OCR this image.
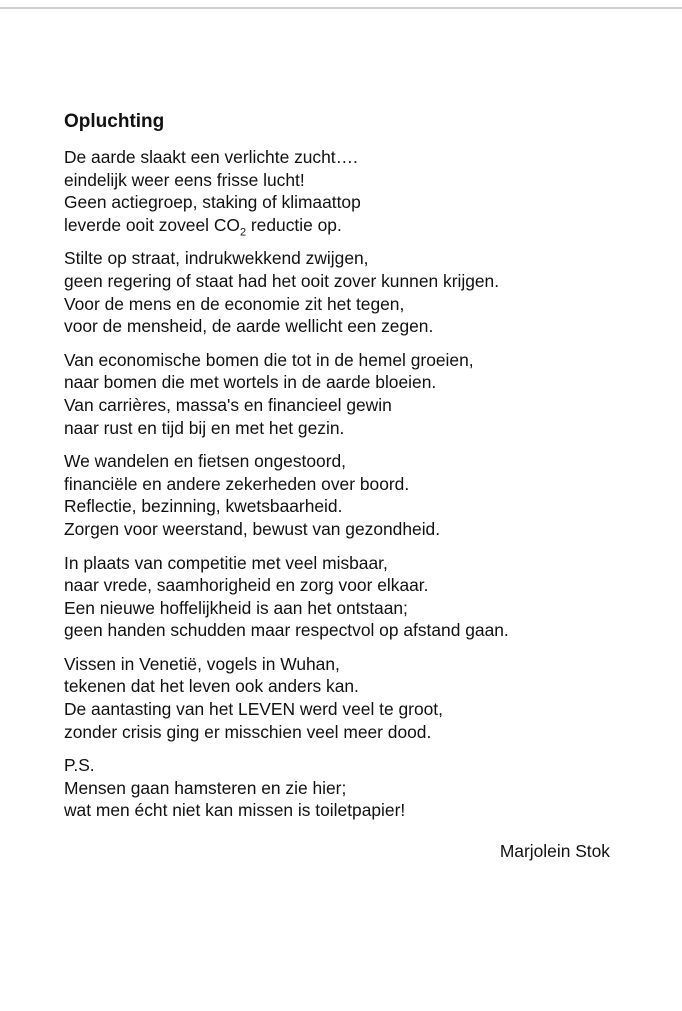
Opluchting
De aarde slaakt een verlichte zucht….
eindelijk weer eens frisse lucht!
Geen actiegroep, staking of klimaattop
leverde ooit zoveel $CO_2$ reductie op.
Stilte op straat, indrukwekkend zwijgen,
geen regering of staat had het ooit zover kunnen krijgen.
Voor de mens en de economie zit het tegen,
voor de mensheid, de aarde wellicht een zegen.
Van economische bomen die tot in de hemel groeien,
naar bomen die met wortels in de aarde bloeien.
Van carrières, massa's en financieel gewin
naar rust en tijd bij en met het gezin.
We wandelen en fietsen ongestoord,
financiële en andere zekerheden over boord.
Reflectie, bezinning, kwetsbaarheid.
Zorgen voor weerstand, bewust van gezondheid.
In plaats van competitie met veel misbaar,
naar vrede, saamhorigheid en zorg voor elkaar.
Een nieuwe hoffelijkheid is aan het ontstaan;
geen handen schudden maar respectvol op afstand gaan.
Vissen in Venetië, vogels in Wuhan,
tekenen dat het leven ook anders kan.
De aantasting van het LEVEN werd veel te groot,
zonder crisis ging er misschien veel meer dood.
P.S.
Mensen gaan hamsteren en zie hier;
wat men écht niet kan missen is toiletpapier!
Marjolein Stok
